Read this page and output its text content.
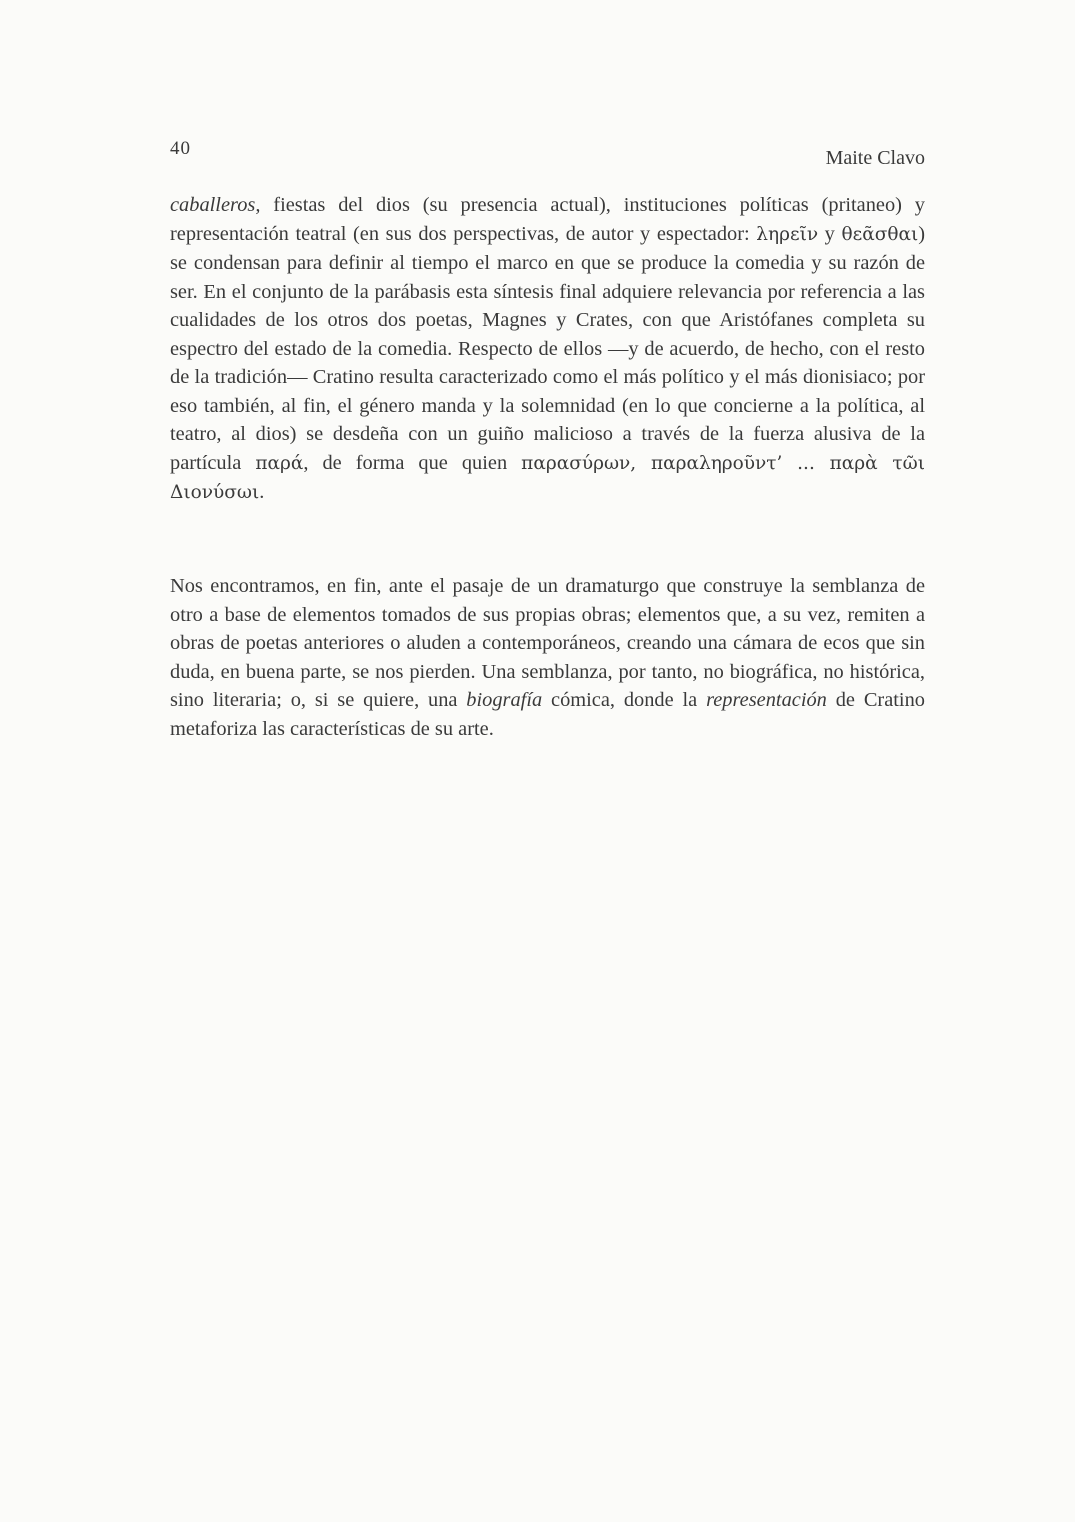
40	Maite Clavo

caballeros, fiestas del dios (su presencia actual), instituciones políticas (pritaneo) y representación teatral (en sus dos perspectivas, de autor y espectador: ληρεῖν y θεᾶσθαι) se condensan para definir al tiempo el marco en que se produce la comedia y su razón de ser. En el conjunto de la parábasis esta síntesis final adquiere relevancia por referencia a las cualidades de los otros dos poetas, Magnes y Crates, con que Aristófanes completa su espectro del estado de la comedia. Respecto de ellos —y de acuerdo, de hecho, con el resto de la tradición— Cratino resulta caracterizado como el más político y el más dionisiaco; por eso también, al fin, el género manda y la solemnidad (en lo que concierne a la política, al teatro, al dios) se desdeña con un guiño malicioso a través de la fuerza alusiva de la partícula παρά, de forma que quien παρασύρων, παραληροῦντ’ ... παρὰ τῶι Διονύσωι.

Nos encontramos, en fin, ante el pasaje de un dramaturgo que construye la semblanza de otro a base de elementos tomados de sus propias obras; elementos que, a su vez, remiten a obras de poetas anteriores o aluden a contemporáneos, creando una cámara de ecos que sin duda, en buena parte, se nos pierden. Una semblanza, por tanto, no biográfica, no histórica, sino literaria; o, si se quiere, una biografía cómica, donde la representación de Cratino metaforiza las características de su arte.
